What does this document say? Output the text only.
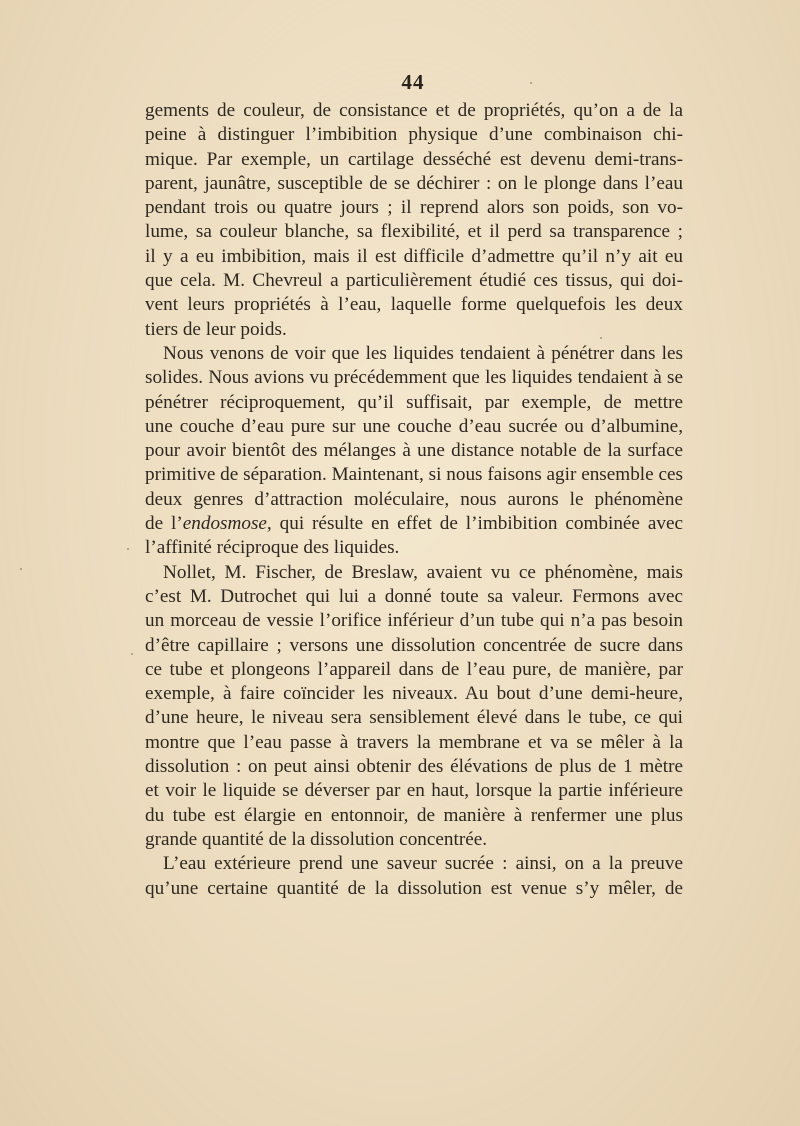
44
gements de couleur, de consistance et de propriétés, qu’on a de la
peine à distinguer l’imbibition physique d’une combinaison chi-
mique. Par exemple, un cartilage desséché est devenu demi-trans-
parent, jaunâtre, susceptible de se déchirer : on le plonge dans l’eau
pendant trois ou quatre jours ; il reprend alors son poids, son vo-
lume, sa couleur blanche, sa flexibilité, et il perd sa transparence ;
il y a eu imbibition, mais il est difficile d’admettre qu’il n’y ait eu
que cela. M. Chevreul a particulièrement étudié ces tissus, qui doi-
vent leurs propriétés à l’eau, laquelle forme quelquefois les deux
tiers de leur poids.
Nous venons de voir que les liquides tendaient à pénétrer dans les
solides. Nous avions vu précédemment que les liquides tendaient à se
pénétrer réciproquement, qu’il suffisait, par exemple, de mettre
une couche d’eau pure sur une couche d’eau sucrée ou d’albumine,
pour avoir bientôt des mélanges à une distance notable de la surface
primitive de séparation. Maintenant, si nous faisons agir ensemble ces
deux genres d’attraction moléculaire, nous aurons le phénomène
de l’endosmose, qui résulte en effet de l’imbibition combinée avec
l’affinité réciproque des liquides.
Nollet, M. Fischer, de Breslaw, avaient vu ce phénomène, mais
c’est M. Dutrochet qui lui a donné toute sa valeur. Fermons avec
un morceau de vessie l’orifice inférieur d’un tube qui n’a pas besoin
d’être capillaire ; versons une dissolution concentrée de sucre dans
ce tube et plongeons l’appareil dans de l’eau pure, de manière, par
exemple, à faire coïncider les niveaux. Au bout d’une demi-heure,
d’une heure, le niveau sera sensiblement élevé dans le tube, ce qui
montre que l’eau passe à travers la membrane et va se mêler à la
dissolution : on peut ainsi obtenir des élévations de plus de 1 mètre
et voir le liquide se déverser par en haut, lorsque la partie inférieure
du tube est élargie en entonnoir, de manière à renfermer une plus
grande quantité de la dissolution concentrée.
L’eau extérieure prend une saveur sucrée : ainsi, on a la preuve
qu’une certaine quantité de la dissolution est venue s’y mêler, de
